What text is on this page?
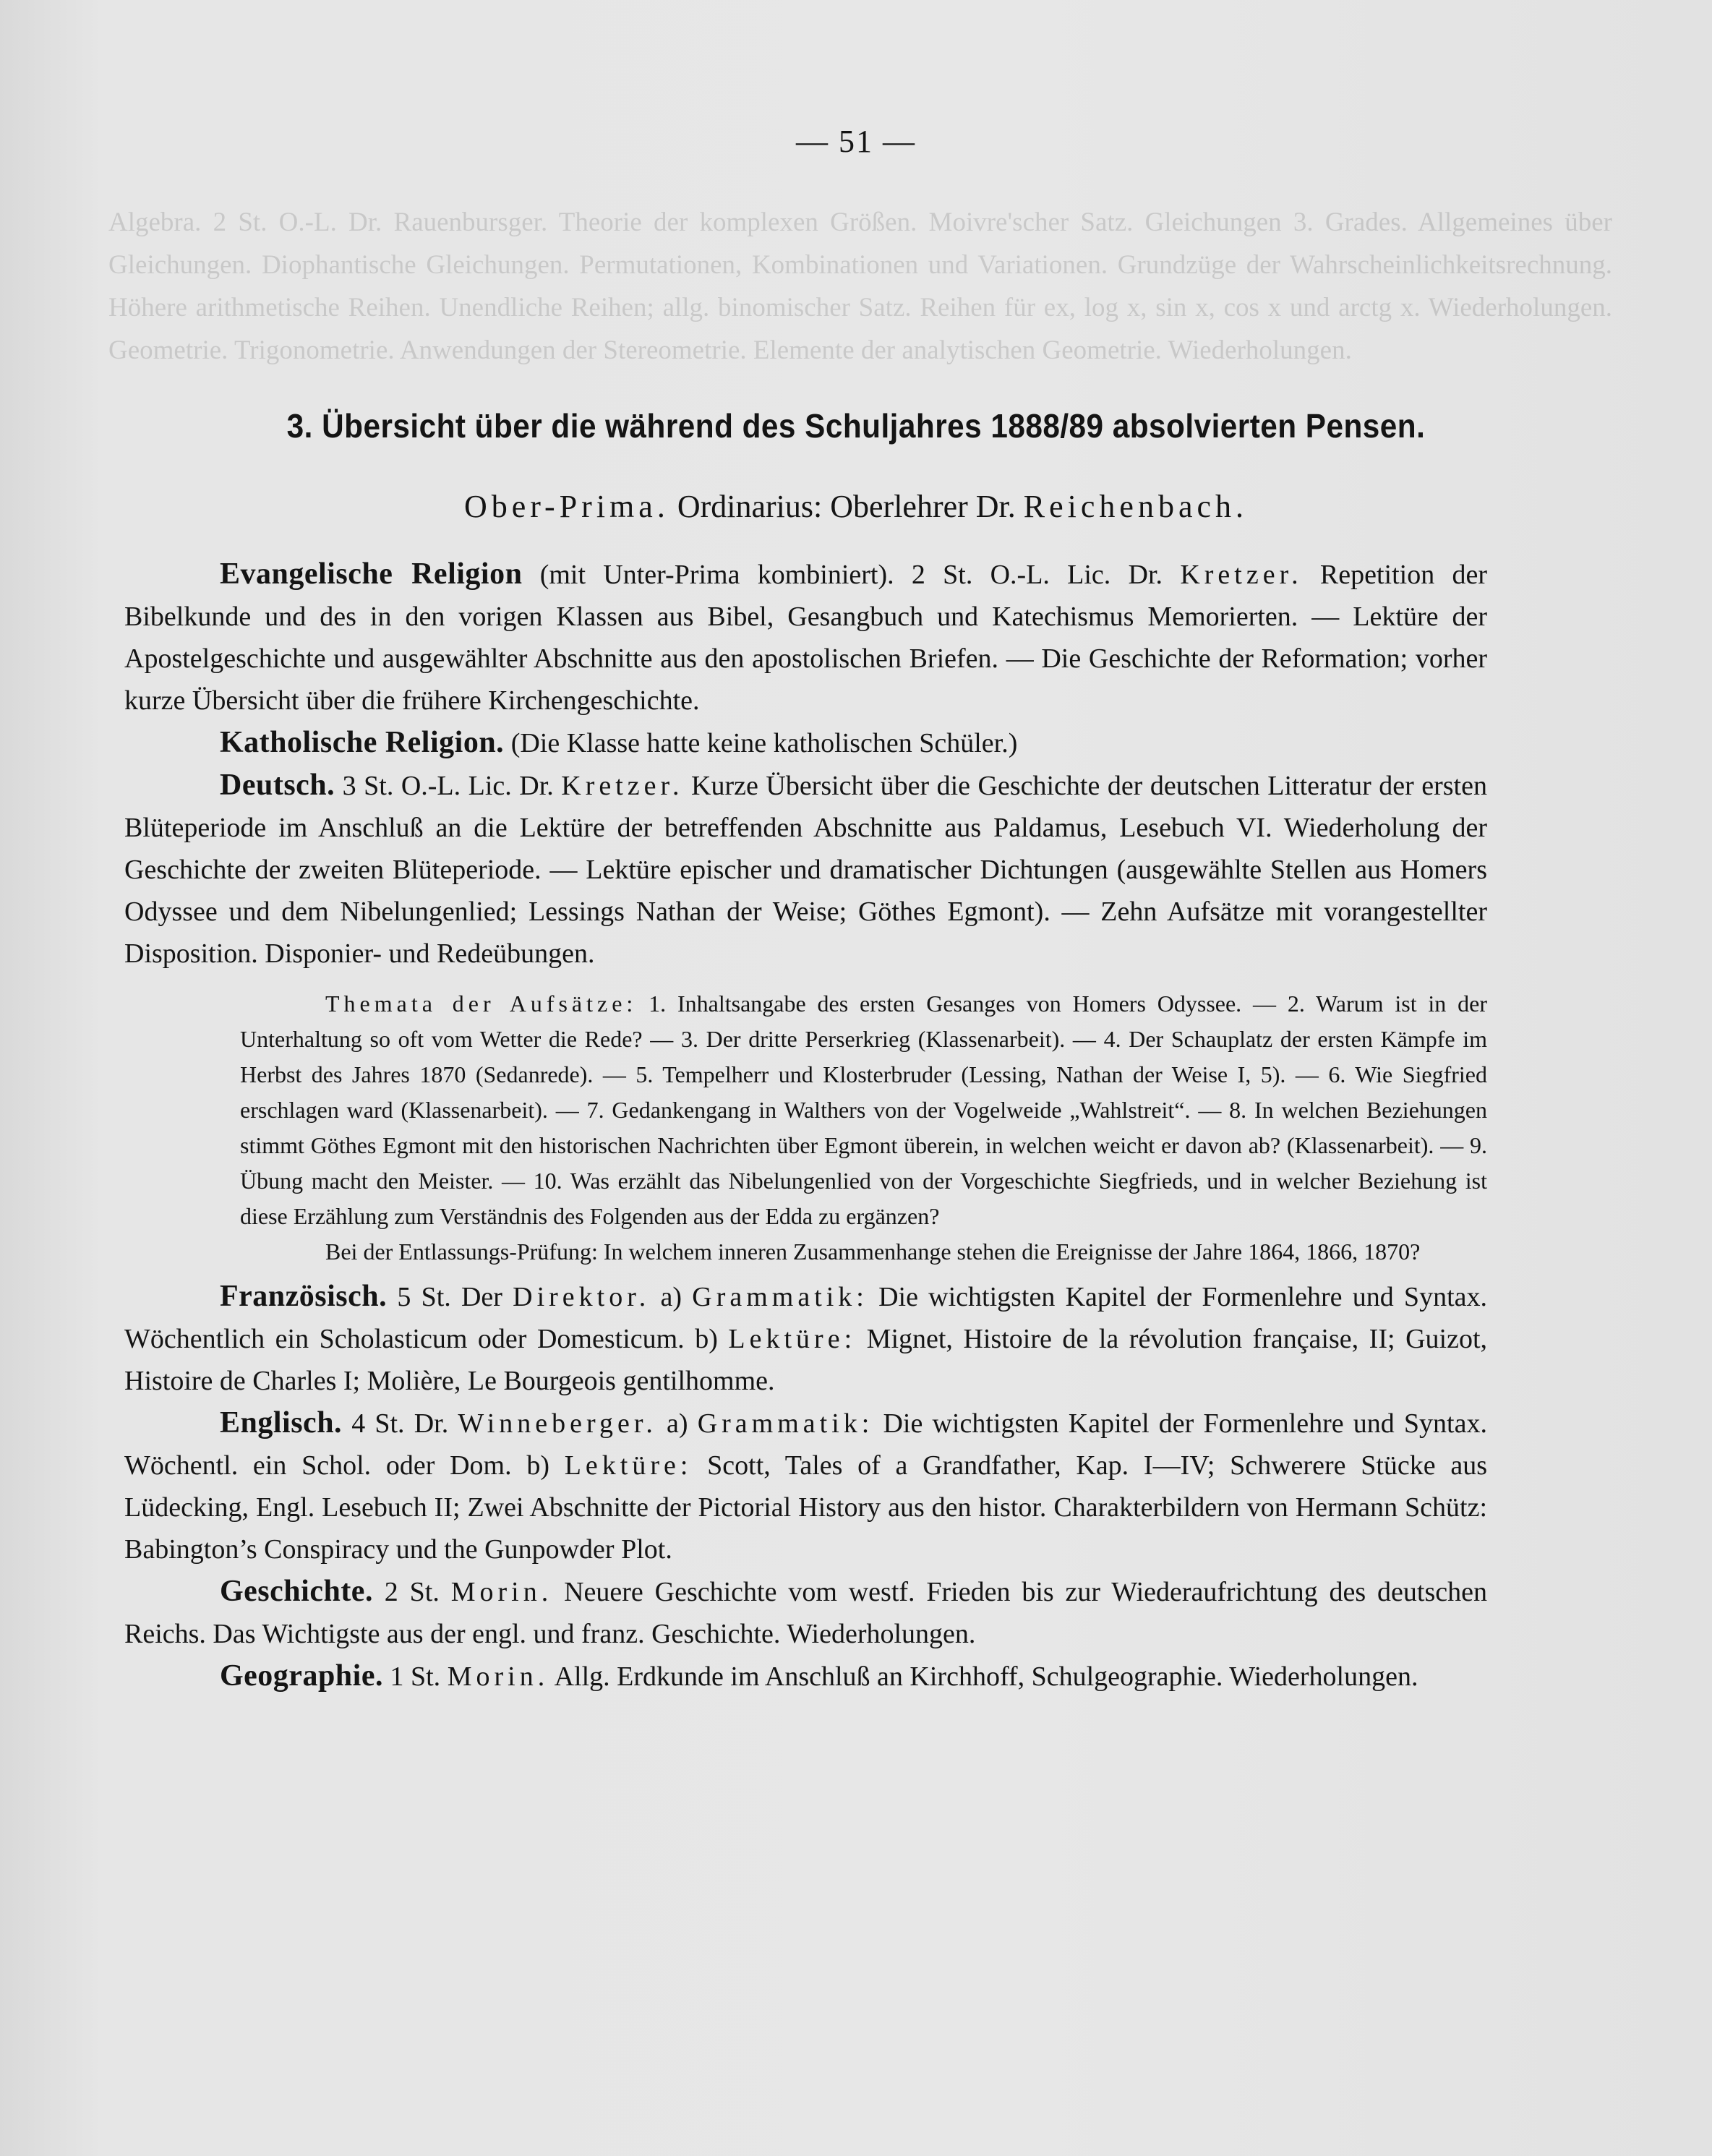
Algebra. 2 St. O.-L. Dr. Rauenbursger. Theorie der komplexen Größen. Moivre'scher Satz. Gleichungen 3. Grades. Allgemeines über Gleichungen. Diophantische Gleichungen. Permutationen, Kombinationen und Variationen. Grundzüge der Wahrscheinlichkeitsrechnung. Höhere arithmetische Reihen. Unendliche Reihen; allg. binomischer Satz. Reihen für ex, log x, sin x, cos x und arctg x. Wiederholungen. Geometrie. Trigonometrie. Anwendungen der Stereometrie. Elemente der analytischen Geometrie. Wiederholungen.
— 51 —
3. Übersicht über die während des Schuljahres 1888/89 absolvierten Pensen.
Ober-Prima. Ordinarius: Oberlehrer Dr. Reichenbach.

Evangelische Religion (mit Unter-Prima kombiniert). 2 St. O.-L. Lic. Dr. Kretzer. Repetition der Bibelkunde und des in den vorigen Klassen aus Bibel, Gesangbuch und Katechismus Memorierten. — Lektüre der Apostelgeschichte und ausgewählter Abschnitte aus den apostolischen Briefen. — Die Geschichte der Reformation; vorher kurze Übersicht über die frühere Kirchengeschichte.

Katholische Religion. (Die Klasse hatte keine katholischen Schüler.)

Deutsch. 3 St. O.-L. Lic. Dr. Kretzer. Kurze Übersicht über die Geschichte der deutschen Litteratur der ersten Blüteperiode im Anschluß an die Lektüre der betreffenden Abschnitte aus Paldamus, Lesebuch VI. Wiederholung der Geschichte der zweiten Blüteperiode. — Lektüre epischer und dramatischer Dichtungen (ausgewählte Stellen aus Homers Odyssee und dem Nibelungenlied; Lessings Nathan der Weise; Göthes Egmont). — Zehn Aufsätze mit vorangestellter Disposition. Disponier- und Redeübungen.

Themata der Aufsätze: 1. Inhaltsangabe des ersten Gesanges von Homers Odyssee. — 2. Warum ist in der Unterhaltung so oft vom Wetter die Rede? — 3. Der dritte Perserkrieg (Klassenarbeit). — 4. Der Schauplatz der ersten Kämpfe im Herbst des Jahres 1870 (Sedanrede). — 5. Tempelherr und Klosterbruder (Lessing, Nathan der Weise I, 5). — 6. Wie Siegfried erschlagen ward (Klassenarbeit). — 7. Gedankengang in Walthers von der Vogelweide „Wahlstreit“. — 8. In welchen Beziehungen stimmt Göthes Egmont mit den historischen Nachrichten über Egmont überein, in welchen weicht er davon ab? (Klassenarbeit). — 9. Übung macht den Meister. — 10. Was erzählt das Nibelungenlied von der Vorgeschichte Siegfrieds, und in welcher Beziehung ist diese Erzählung zum Verständnis des Folgenden aus der Edda zu ergänzen?

Bei der Entlassungs-Prüfung: In welchem inneren Zusammenhange stehen die Ereignisse der Jahre 1864, 1866, 1870?

Französisch. 5 St. Der Direktor. a) Grammatik: Die wichtigsten Kapitel der Formenlehre und Syntax. Wöchentlich ein Scholasticum oder Domesticum. b) Lektüre: Mignet, Histoire de la révolution française, II; Guizot, Histoire de Charles I; Molière, Le Bourgeois gentilhomme.

Englisch. 4 St. Dr. Winneberger. a) Grammatik: Die wichtigsten Kapitel der Formenlehre und Syntax. Wöchentl. ein Schol. oder Dom. b) Lektüre: Scott, Tales of a Grandfather, Kap. I—IV; Schwerere Stücke aus Lüdecking, Engl. Lesebuch II; Zwei Abschnitte der Pictorial History aus den histor. Charakterbildern von Hermann Schütz: Babington’s Conspiracy und the Gunpowder Plot.

Geschichte. 2 St. Morin. Neuere Geschichte vom westf. Frieden bis zur Wiederaufrichtung des deutschen Reichs. Das Wichtigste aus der engl. und franz. Geschichte. Wiederholungen.

Geographie. 1 St. Morin. Allg. Erdkunde im Anschluß an Kirchhoff, Schulgeographie. Wiederholungen.
